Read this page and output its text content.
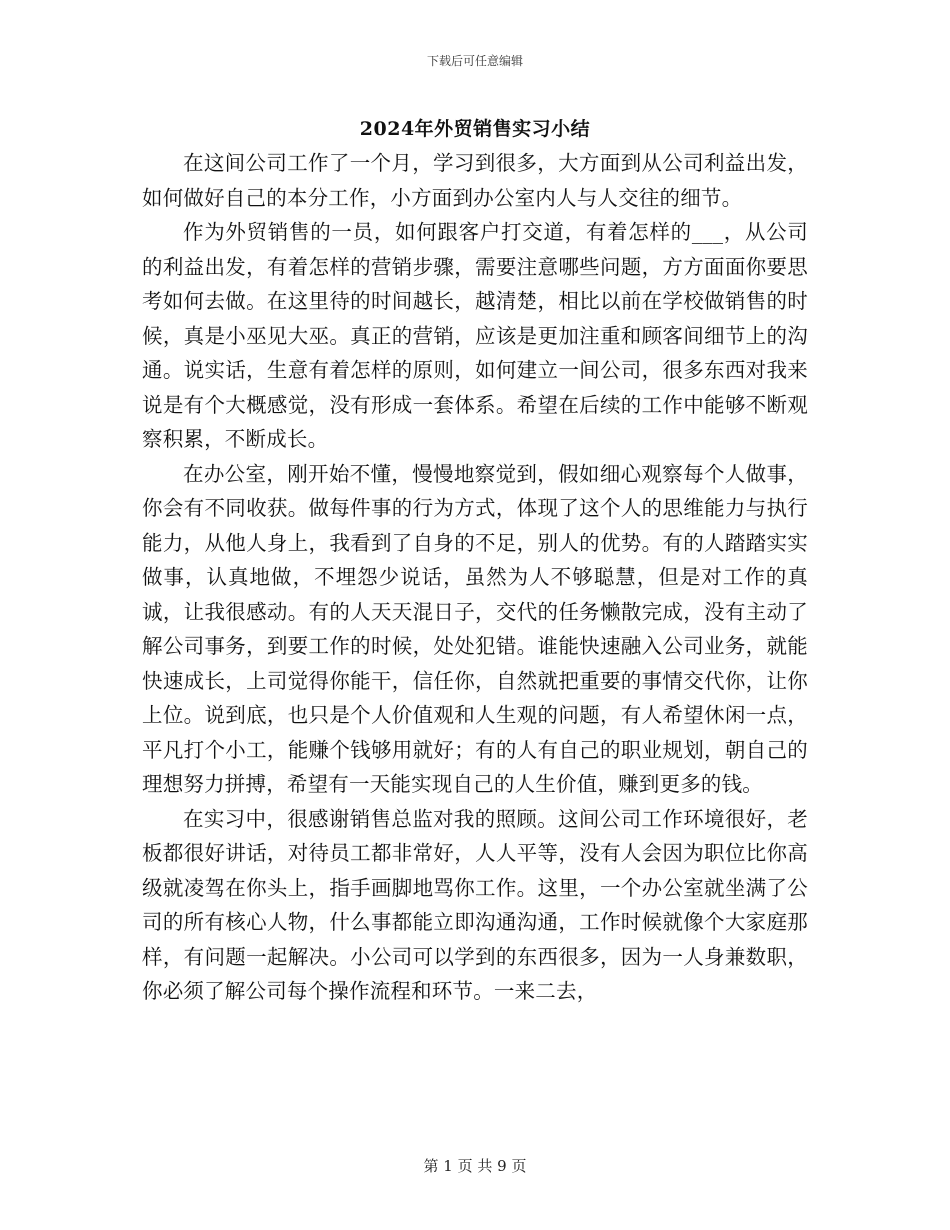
下载后可任意编辑
2024年外贸销售实习小结

在这间公司工作了一个月，学习到很多，大方面到从公司利益出发，如何做好自己的本分工作，小方面到办公室内人与人交往的细节。

作为外贸销售的一员，如何跟客户打交道，有着怎样的___，从公司的利益出发，有着怎样的营销步骤，需要注意哪些问题，方方面面你要思考如何去做。在这里待的时间越长，越清楚，相比以前在学校做销售的时候，真是小巫见大巫。真正的营销，应该是更加注重和顾客间细节上的沟通。说实话，生意有着怎样的原则，如何建立一间公司，很多东西对我来说是有个大概感觉，没有形成一套体系。希望在后续的工作中能够不断观察积累，不断成长。

在办公室，刚开始不懂，慢慢地察觉到，假如细心观察每个人做事，你会有不同收获。做每件事的行为方式，体现了这个人的思维能力与执行能力，从他人身上，我看到了自身的不足，别人的优势。有的人踏踏实实做事，认真地做，不埋怨少说话，虽然为人不够聪慧，但是对工作的真诚，让我很感动。有的人天天混日子，交代的任务懒散完成，没有主动了解公司事务，到要工作的时候，处处犯错。谁能快速融入公司业务，就能快速成长，上司觉得你能干，信任你，自然就把重要的事情交代你，让你上位。说到底，也只是个人价值观和人生观的问题，有人希望休闲一点，平凡打个小工，能赚个钱够用就好；有的人有自己的职业规划，朝自己的理想努力拼搏，希望有一天能实现自己的人生价值，赚到更多的钱。

在实习中，很感谢销售总监对我的照顾。这间公司工作环境很好，老板都很好讲话，对待员工都非常好，人人平等，没有人会因为职位比你高级就凌驾在你头上，指手画脚地骂你工作。这里，一个办公室就坐满了公司的所有核心人物，什么事都能立即沟通沟通，工作时候就像个大家庭那样，有问题一起解决。小公司可以学到的东西很多，因为一人身兼数职，你必须了解公司每个操作流程和环节。一来二去，

第 1 页 共 9 页
